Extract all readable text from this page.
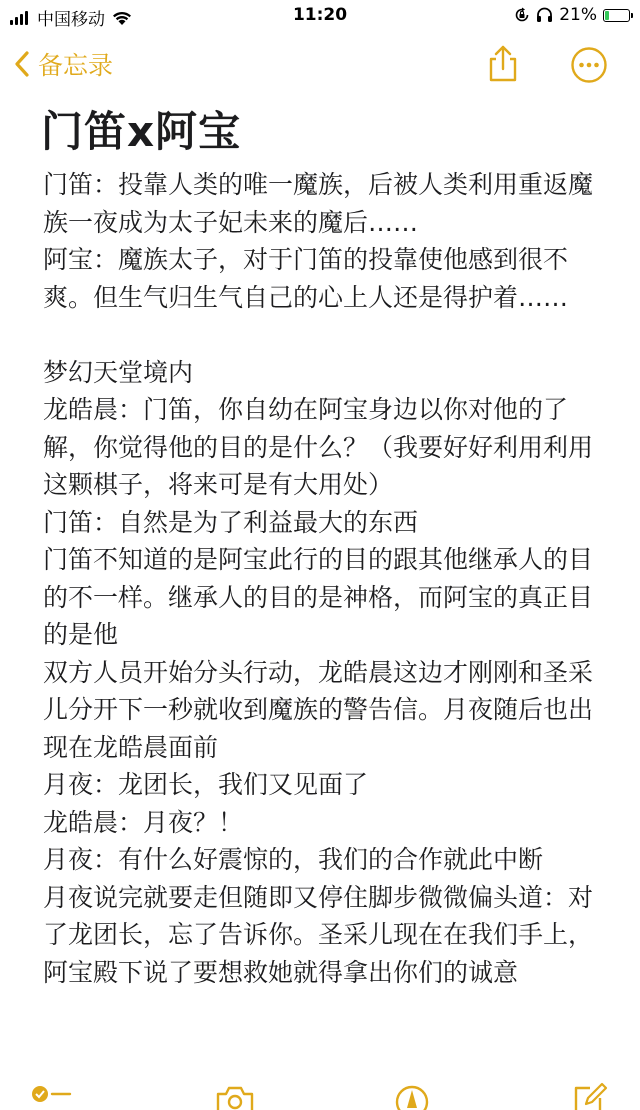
中国移动	11:20	21%
备忘录
门笛x阿宝

门笛：投靠人类的唯一魔族，后被人类利用重返魔族一夜成为太子妃未来的魔后……
阿宝：魔族太子，对于门笛的投靠使他感到很不爽。但生气归生气自己的心上人还是得护着……

梦幻天堂境内
龙皓晨：门笛，你自幼在阿宝身边以你对他的了解，你觉得他的目的是什么？（我要好好利用利用这颗棋子，将来可是有大用处）
门笛：自然是为了利益最大的东西
门笛不知道的是阿宝此行的目的跟其他继承人的目的不一样。继承人的目的是神格，而阿宝的真正目的是他
双方人员开始分头行动，龙皓晨这边才刚刚和圣采儿分开下一秒就收到魔族的警告信。月夜随后也出现在龙皓晨面前
月夜：龙团长，我们又见面了
龙皓晨：月夜？！
月夜：有什么好震惊的，我们的合作就此中断
月夜说完就要走但随即又停住脚步微微偏头道：对了龙团长，忘了告诉你。圣采儿现在在我们手上，阿宝殿下说了要想救她就得拿出你们的诚意
